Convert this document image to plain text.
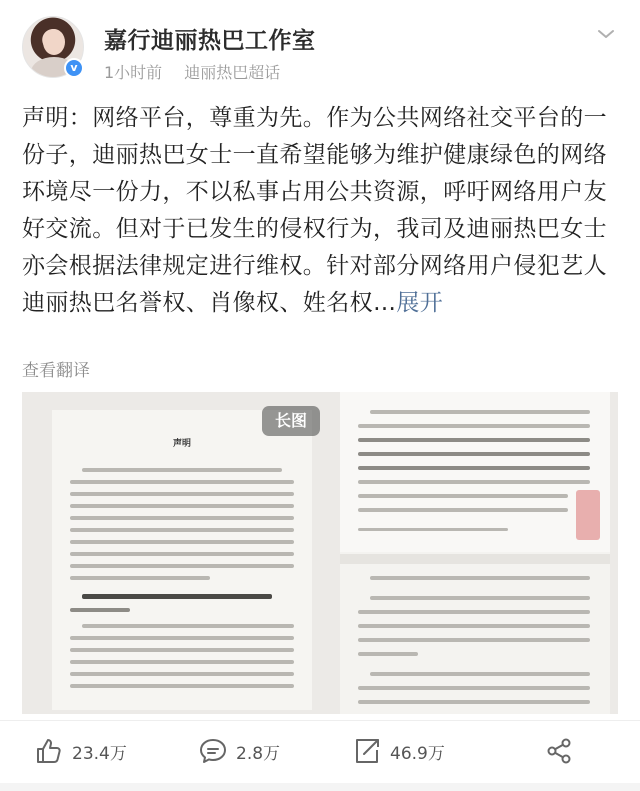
v
嘉行迪丽热巴工作室
1小时前 迪丽热巴超话
声明：网络平台，尊重为先。作为公共网络社交平台的一份子，迪丽热巴女士一直希望能够为维护健康绿色的网络环境尽一份力，不以私事占用公共资源，呼吁网络用户友好交流。但对于已发生的侵权行为，我司及迪丽热巴女士亦会根据法律规定进行维权。针对部分网络用户侵犯艺人迪丽热巴名誉权、肖像权、姓名权…展开
查看翻译
声明
长图
23.4万	2.8万	46.9万
